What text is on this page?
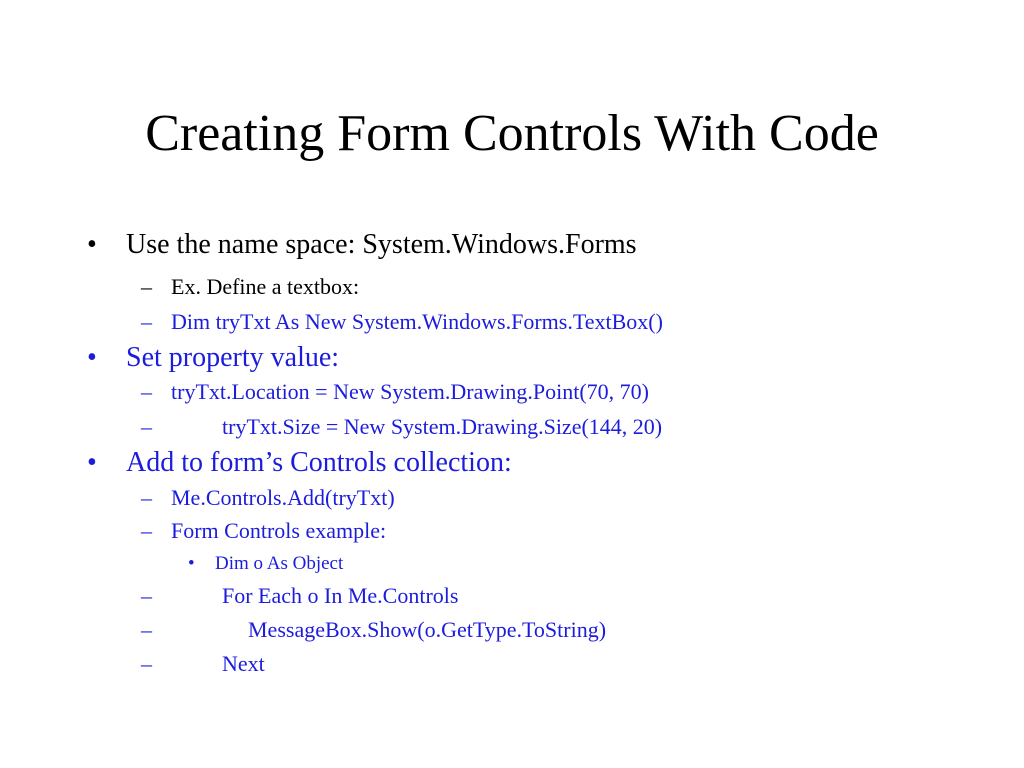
Creating Form Controls With Code
• Use the name space: System.Windows.Forms
– Ex. Define a textbox:
– Dim tryTxt As New System.Windows.Forms.TextBox()
• Set property value:
– tryTxt.Location = New System.Drawing.Point(70, 70)
–	tryTxt.Size = New System.Drawing.Size(144, 20)
• Add to form’s Controls collection:
– Me.Controls.Add(tryTxt)
– Form Controls example:
• Dim o As Object
–	For Each o In Me.Controls
–	MessageBox.Show(o.GetType.ToString)
–	Next
